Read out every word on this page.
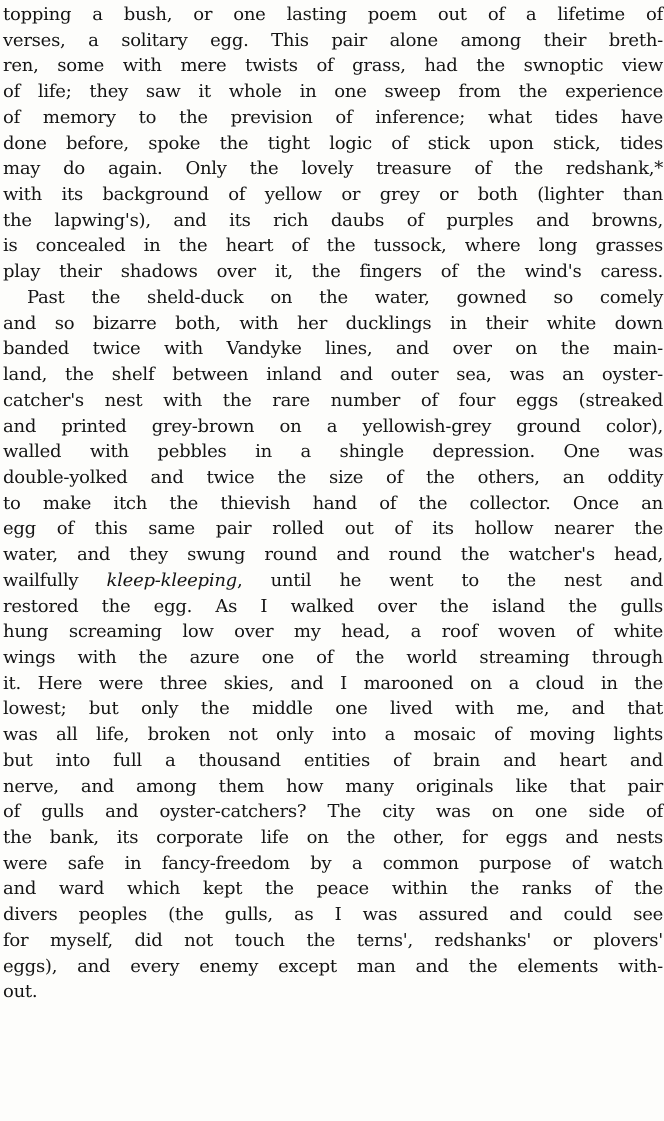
topping a bush, or one lasting poem out of a lifetime of
verses, a solitary egg. This pair alone among their breth-
ren, some with mere twists of grass, had the swnoptic view
of life; they saw it whole in one sweep from the experience
of memory to the prevision of inference; what tides have
done before, spoke the tight logic of stick upon stick, tides
may do again. Only the lovely treasure of the redshank,*
with its background of yellow or grey or both (lighter than
the lapwing's), and its rich daubs of purples and browns,
is concealed in the heart of the tussock, where long grasses
play their shadows over it, the fingers of the wind's caress.
Past the sheld-duck on the water, gowned so comely
and so bizarre both, with her ducklings in their white down
banded twice with Vandyke lines, and over on the main-
land, the shelf between inland and outer sea, was an oyster-
catcher's nest with the rare number of four eggs (streaked
and printed grey-brown on a yellowish-grey ground color),
walled with pebbles in a shingle depression. One was
double-yolked and twice the size of the others, an oddity
to make itch the thievish hand of the collector. Once an
egg of this same pair rolled out of its hollow nearer the
water, and they swung round and round the watcher's head,
wailfully kleep-kleeping, until he went to the nest and
restored the egg. As I walked over the island the gulls
hung screaming low over my head, a roof woven of white
wings with the azure one of the world streaming through
it. Here were three skies, and I marooned on a cloud in the
lowest; but only the middle one lived with me, and that
was all life, broken not only into a mosaic of moving lights
but into full a thousand entities of brain and heart and
nerve, and among them how many originals like that pair
of gulls and oyster-catchers? The city was on one side of
the bank, its corporate life on the other, for eggs and nests
were safe in fancy-freedom by a common purpose of watch
and ward which kept the peace within the ranks of the
divers peoples (the gulls, as I was assured and could see
for myself, did not touch the terns', redshanks' or plovers'
eggs), and every enemy except man and the elements with-
out.
